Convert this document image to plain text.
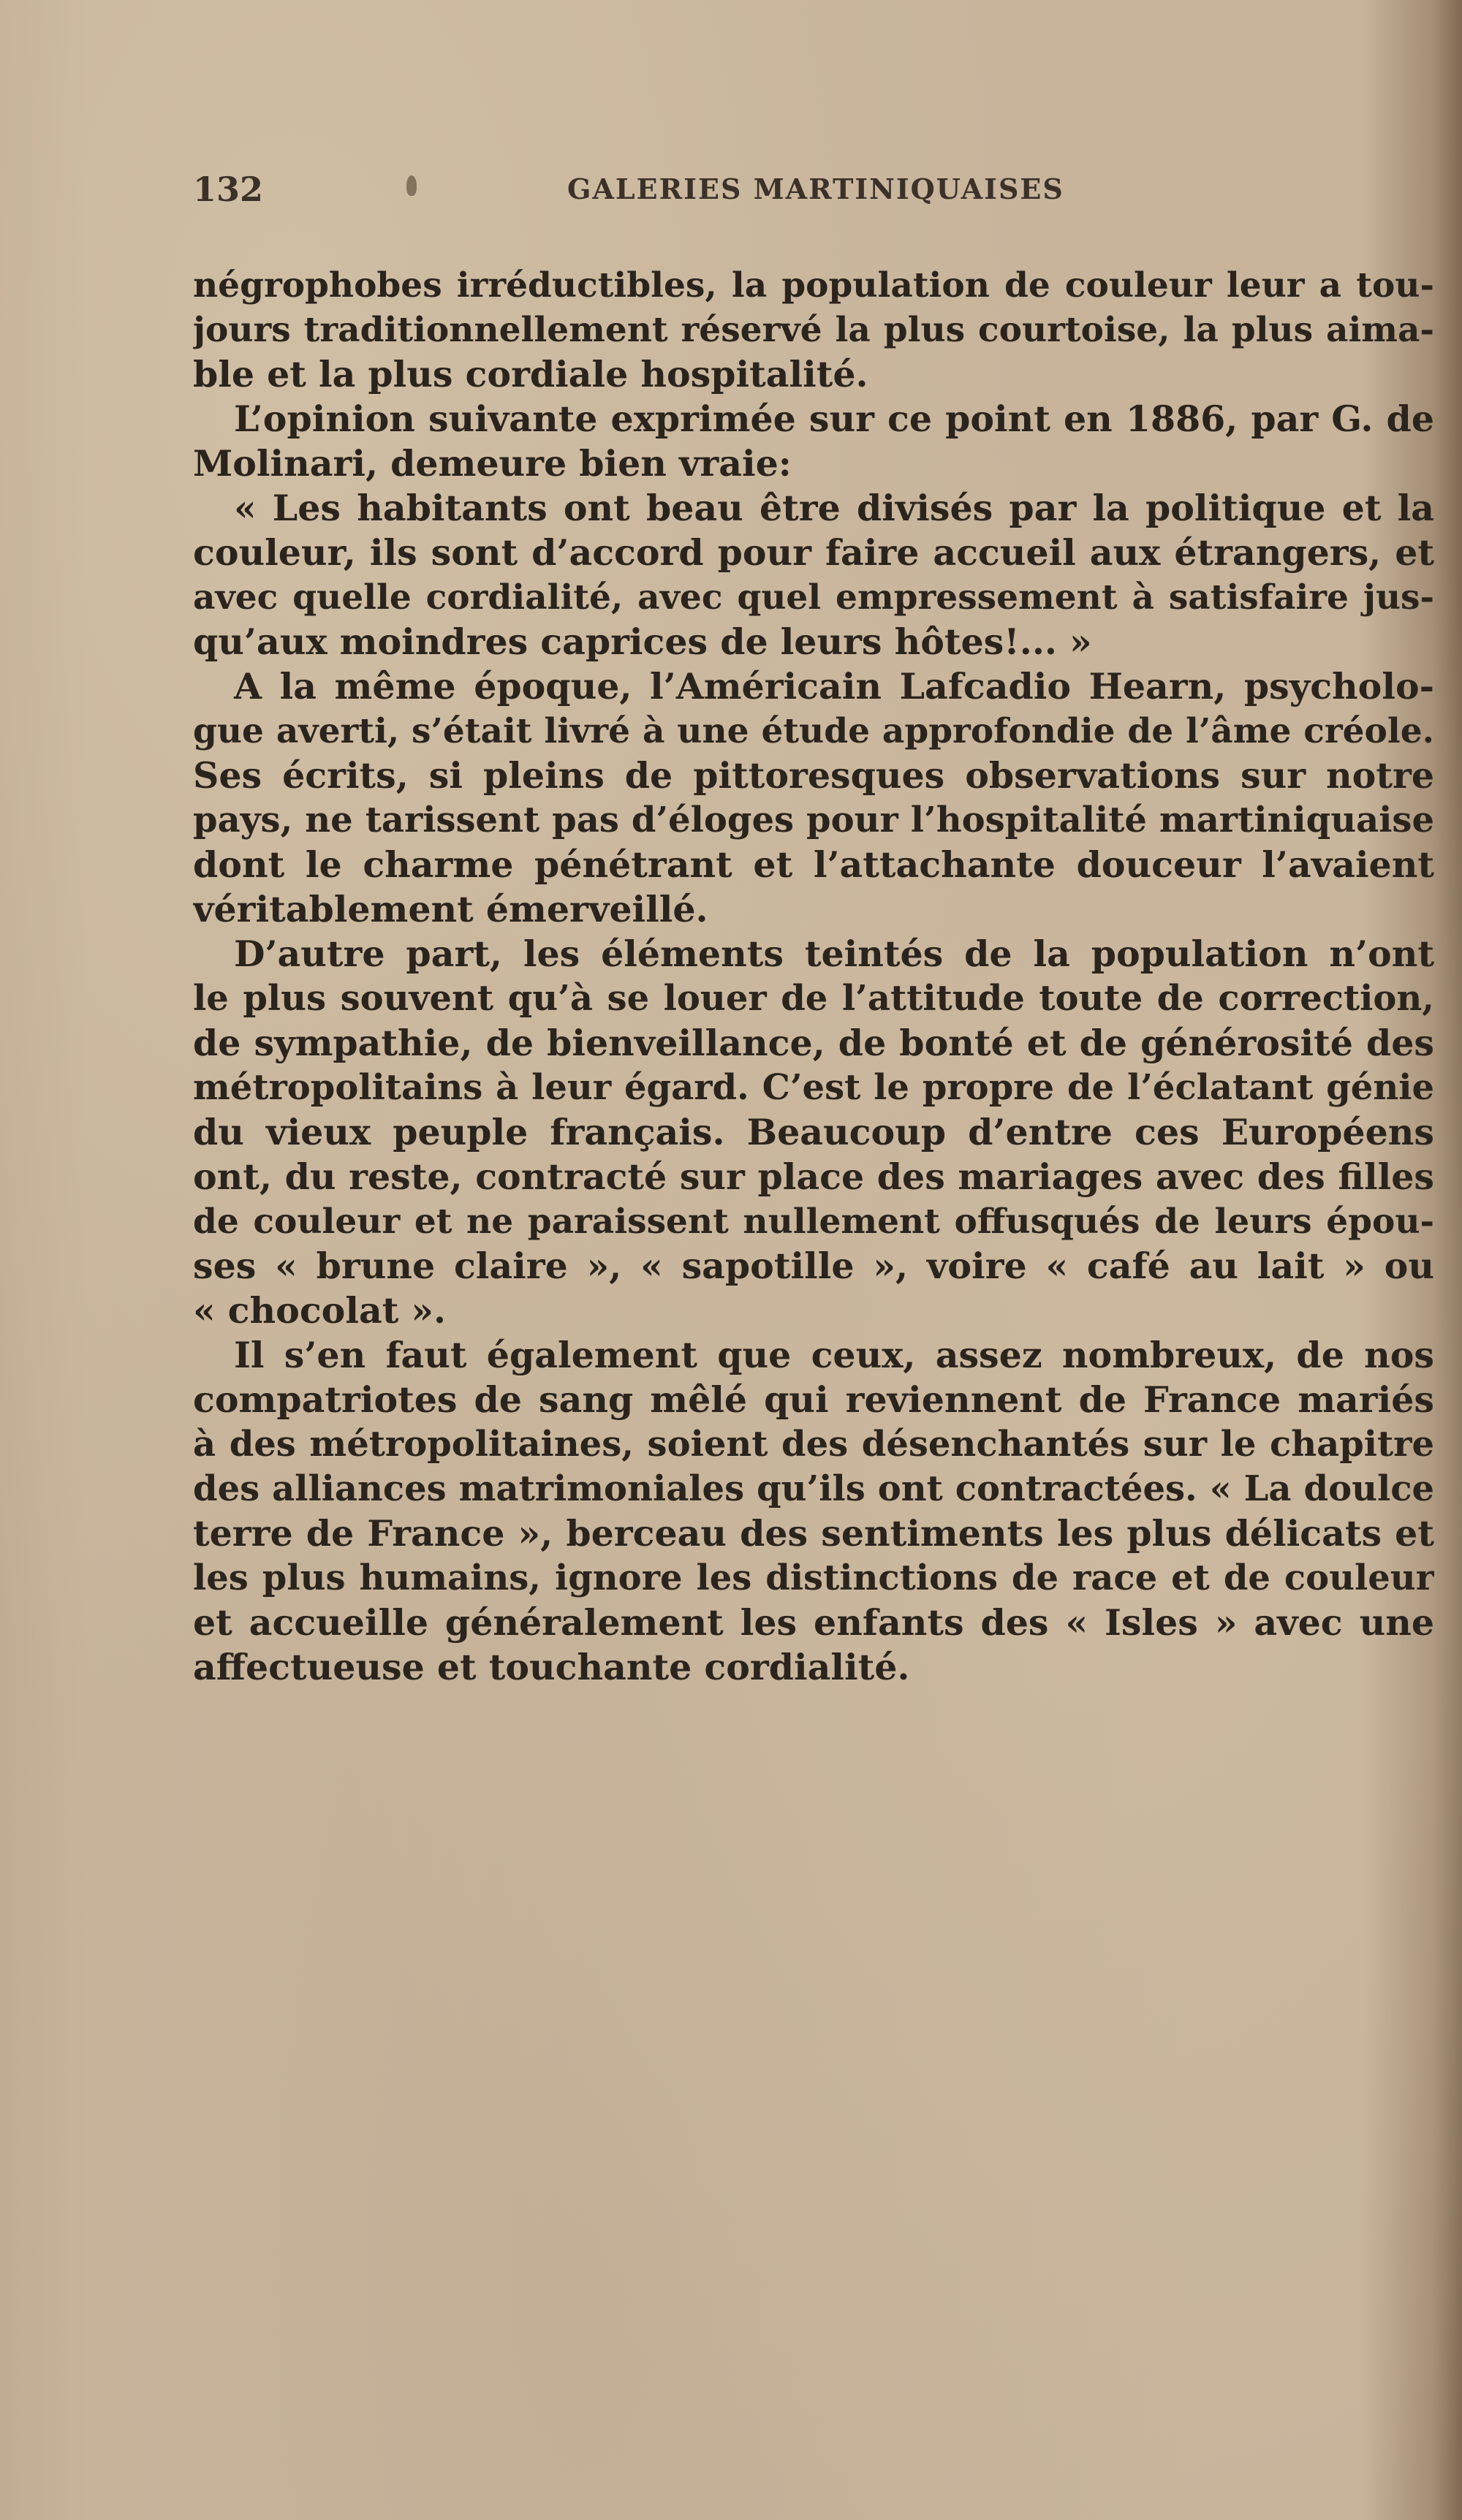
132	GALERIES MARTINIQUAISES
négrophobes irréductibles, la population de couleur leur a tou-
jours traditionnellement réservé la plus courtoise, la plus aima-
ble et la plus cordiale hospitalité.
L’opinion suivante exprimée sur ce point en 1886, par G. de
Molinari, demeure bien vraie:
« Les habitants ont beau être divisés par la politique et la
couleur, ils sont d’accord pour faire accueil aux étrangers, et
avec quelle cordialité, avec quel empressement à satisfaire jus-
qu’aux moindres caprices de leurs hôtes!... »
A la même époque, l’Américain Lafcadio Hearn, psycholo-
gue averti, s’était livré à une étude approfondie de l’âme créole.
Ses écrits, si pleins de pittoresques observations sur notre
pays, ne tarissent pas d’éloges pour l’hospitalité martiniquaise
dont le charme pénétrant et l’attachante douceur l’avaient
véritablement émerveillé.
D’autre part, les éléments teintés de la population n’ont
le plus souvent qu’à se louer de l’attitude toute de correction,
de sympathie, de bienveillance, de bonté et de générosité des
métropolitains à leur égard. C’est le propre de l’éclatant génie
du vieux peuple français. Beaucoup d’entre ces Européens
ont, du reste, contracté sur place des mariages avec des filles
de couleur et ne paraissent nullement offusqués de leurs épou-
ses « brune claire », « sapotille », voire « café au lait » ou
« chocolat ».
Il s’en faut également que ceux, assez nombreux, de nos
compatriotes de sang mêlé qui reviennent de France mariés
à des métropolitaines, soient des désenchantés sur le chapitre
des alliances matrimoniales qu’ils ont contractées. « La doulce
terre de France », berceau des sentiments les plus délicats et
les plus humains, ignore les distinctions de race et de couleur
et accueille généralement les enfants des « Isles » avec une
affectueuse et touchante cordialité.
